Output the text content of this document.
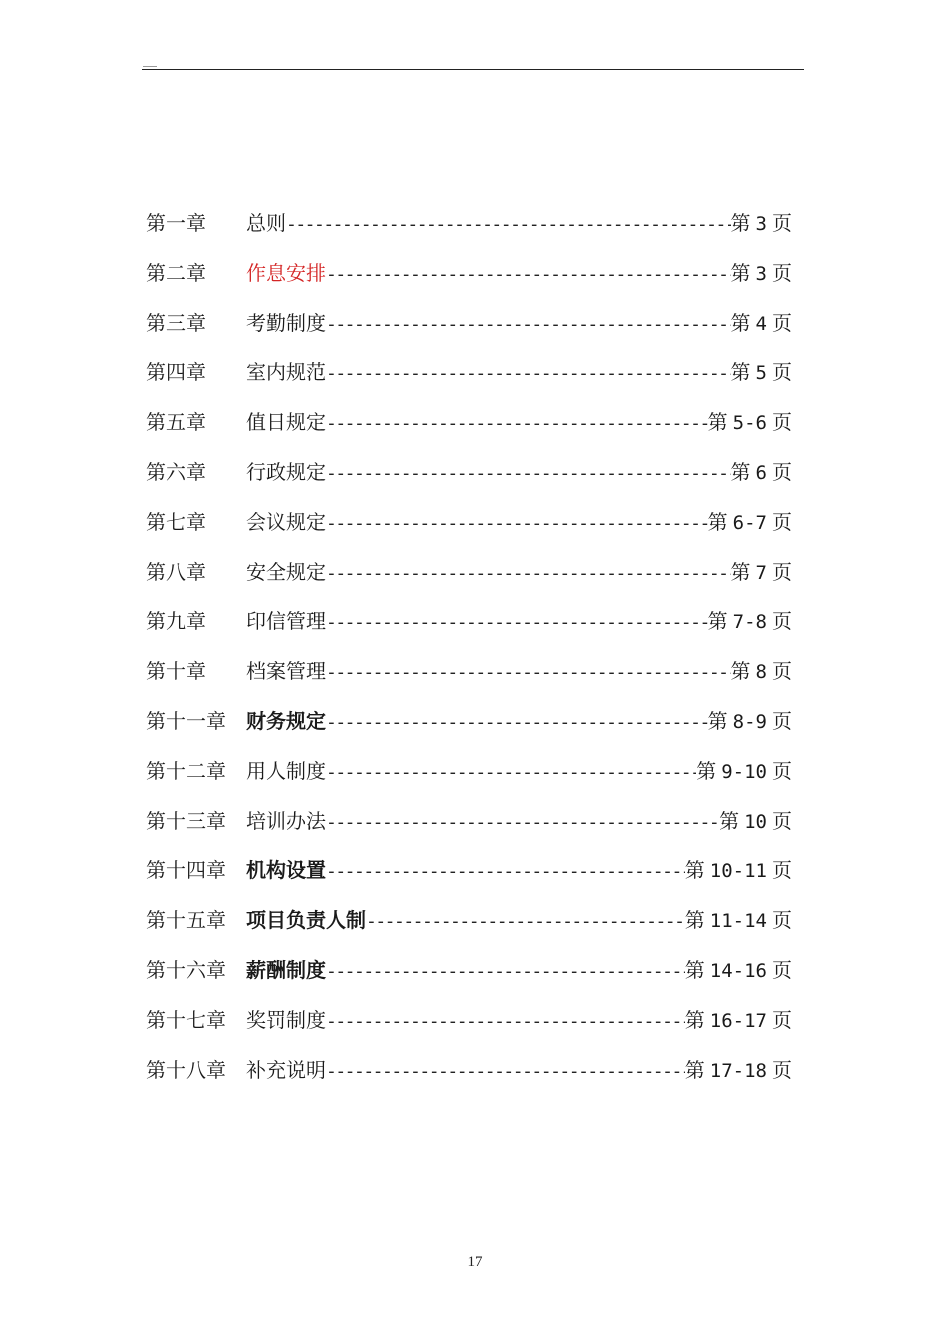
第一章 总则 -----	第 3 页
第二章 作息安排 -----	第 3 页
第三章 考勤制度 -----	第 4 页
第四章 室内规范 -----	第 5 页
第五章 值日规定 -----	第 5-6 页
第六章 行政规定 -----	第 6 页
第七章 会议规定 -----	第 6-7 页
第八章 安全规定 -----	第 7 页
第九章 印信管理 -----	第 7-8 页
第十章 档案管理 -----	第 8 页
第十一章 财务规定 -----	第 8-9 页
第十二章 用人制度 -----	第 9-10 页
第十三章 培训办法 -----	第 10 页
第十四章 机构设置 -----	第 10-11 页
第十五章 项目负责人制 -----	第 11-14 页
第十六章 薪酬制度 -----	第 14-16 页
第十七章 奖罚制度 -----	第 16-17 页
第十八章 补充说明 -----	第 17-18 页
17
